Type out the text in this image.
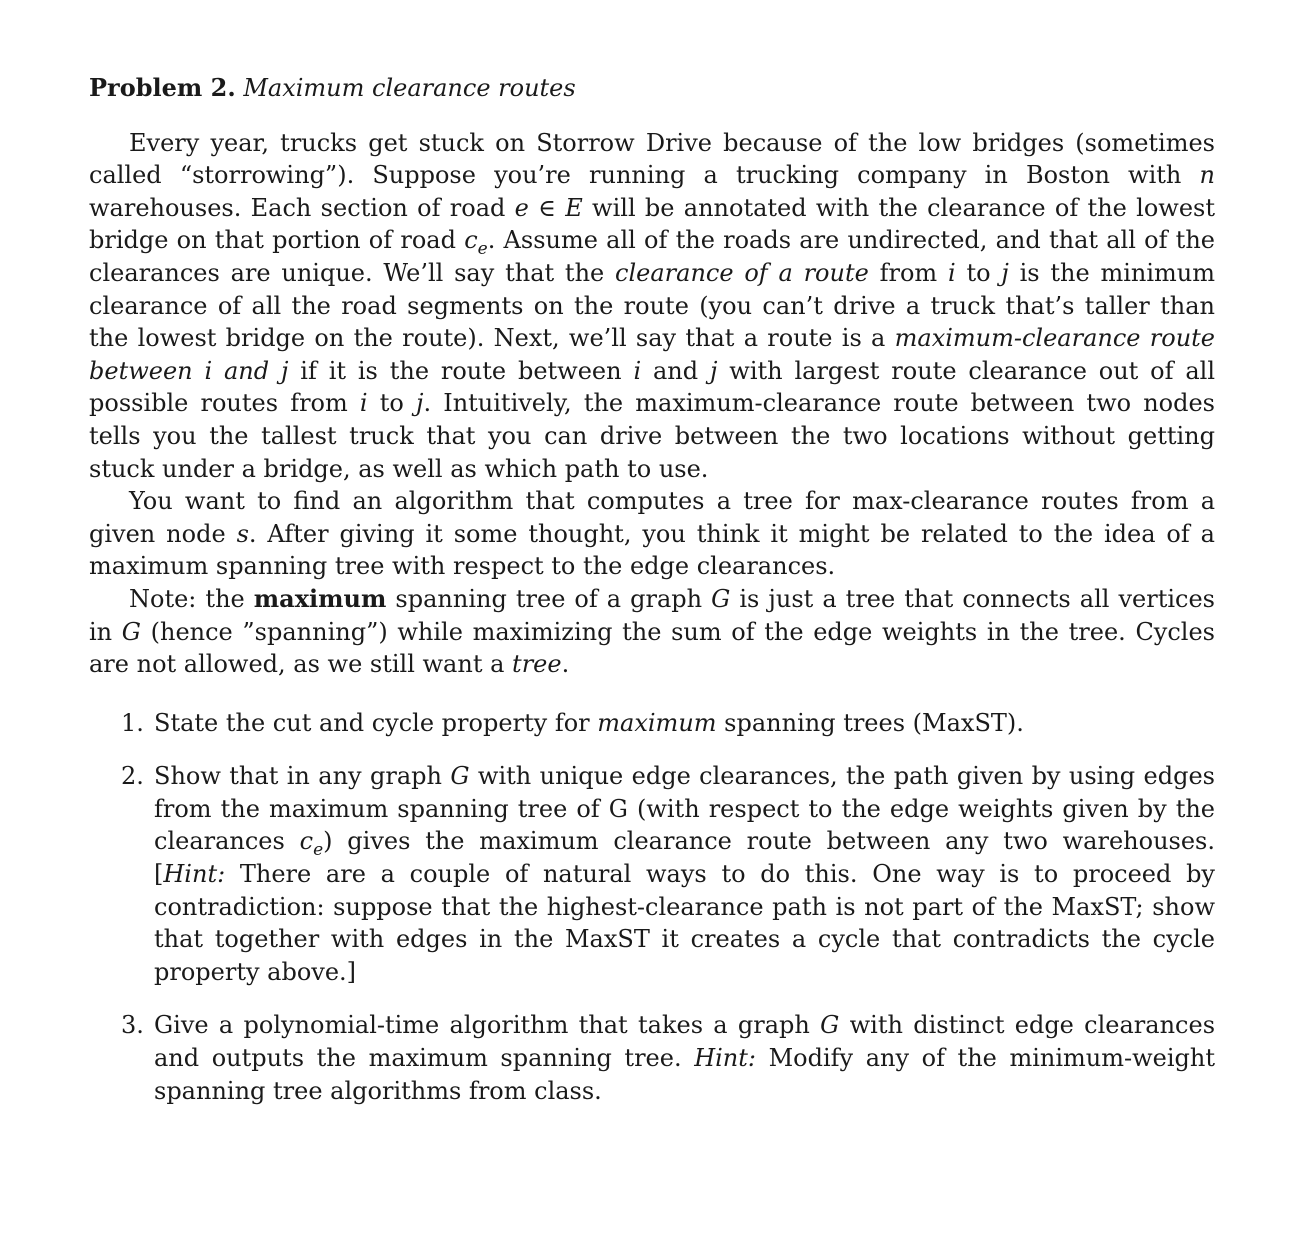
Problem 2. Maximum clearance routes

Every year, trucks get stuck on Storrow Drive because of the low bridges (sometimes called “storrowing”). Suppose you’re running a trucking company in Boston with n warehouses. Each section of road e ∈ E will be annotated with the clearance of the lowest bridge on that portion of road $c_e$. Assume all of the roads are undirected, and that all of the clearances are unique. We’ll say that the clearance of a route from i to j is the minimum clearance of all the road segments on the route (you can’t drive a truck that’s taller than the lowest bridge on the route). Next, we’ll say that a route is a maximum-clearance route between i and j if it is the route between i and j with largest route clearance out of all possible routes from i to j. Intuitively, the maximum-clearance route between two nodes tells you the tallest truck that you can drive between the two locations without getting stuck under a bridge, as well as which path to use.

You want to find an algorithm that computes a tree for max-clearance routes from a given node s. After giving it some thought, you think it might be related to the idea of a maximum spanning tree with respect to the edge clearances.

Note: the maximum spanning tree of a graph G is just a tree that connects all vertices in G (hence ”spanning”) while maximizing the sum of the edge weights in the tree. Cycles are not allowed, as we still want a tree.

1. State the cut and cycle property for maximum spanning trees (MaxST).
2. Show that in any graph G with unique edge clearances, the path given by using edges from the maximum spanning tree of G (with respect to the edge weights given by the clearances $c_e$) gives the maximum clearance route between any two warehouses. [Hint: There are a couple of natural ways to do this. One way is to proceed by contradiction: suppose that the highest-clearance path is not part of the MaxST; show that together with edges in the MaxST it creates a cycle that contradicts the cycle property above.]
3. Give a polynomial-time algorithm that takes a graph G with distinct edge clearances and outputs the maximum spanning tree. Hint: Modify any of the minimum-weight spanning tree algorithms from class.
